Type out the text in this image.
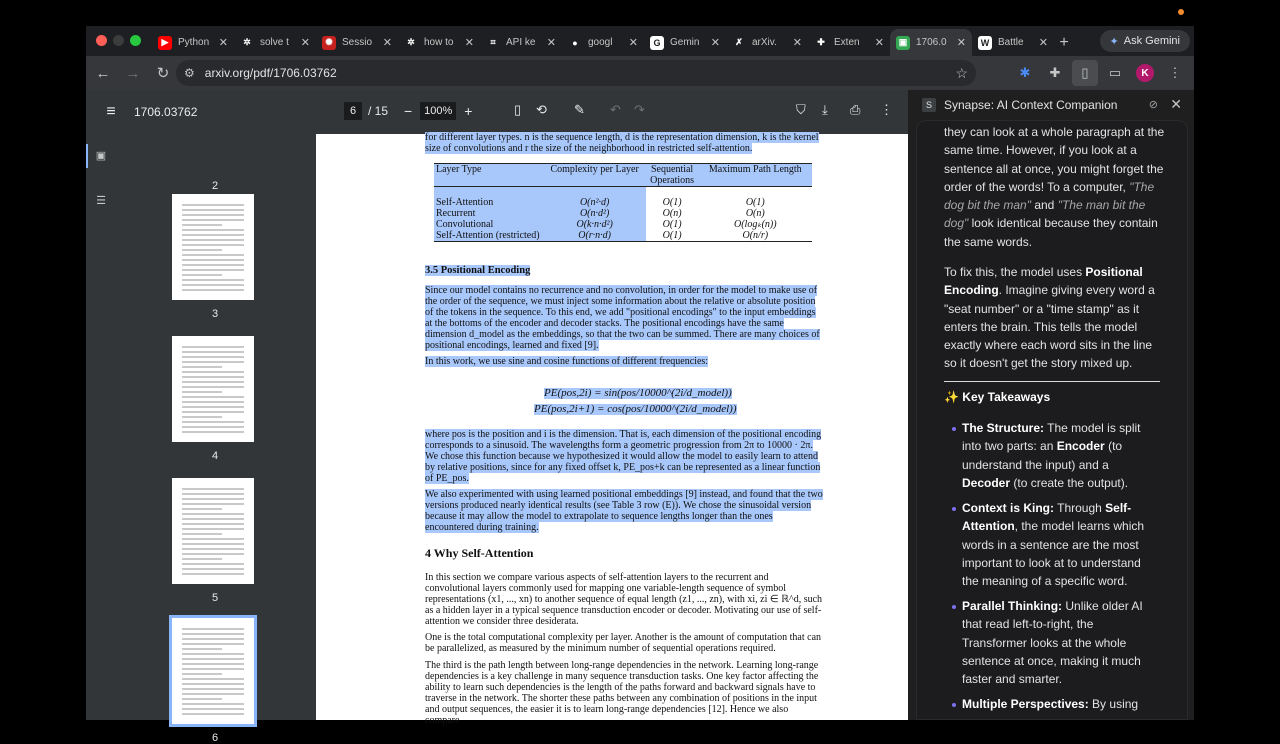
▶ Python ✕	✲ solve t	✕	✺ Sessio ✕	✲ how to	✕	⌗	API ke	✕	●	googl	✕	G Gemin	✕	✗ arXiv.	✕	✚ Exten	✕	▣ 1706.0 ✕	W Battle	✕ +	✦ Ask Gemini
←	→	↻	⚙ arxiv.org/pdf/1706.03762	☆	✱	✚	▯	▭	K	⋮
≡	1706.03762	6 / 15 −	100% +	▯ ⟲ ✎ ↶ ↷	⛉ ⤓ ⎙ ⋮
▣
☰
2
3
4
5
6

for different layer types. n is the sequence length, d is the representation dimension, k is the kernel size of convolutions and r the size of the neighborhood in restricted self-attention.

Layer Type	Complexity per Layer	Sequential Operations	Maximum Path Length
Self-Attention	O(n²·d)	O(1)	O(1)
Recurrent	O(n·d²)	O(n)	O(n)
Convolutional	O(k·n·d²)	O(1)	O(logₖ(n))
Self-Attention (restricted)	O(r·n·d)	O(1)	O(n/r)
3.5 Positional Encoding

Since our model contains no recurrence and no convolution, in order for the model to make use of the order of the sequence, we must inject some information about the relative or absolute position of the tokens in the sequence. To this end, we add "positional encodings" to the input embeddings at the bottoms of the encoder and decoder stacks. The positional encodings have the same dimension d_model as the embeddings, so that the two can be summed. There are many choices of positional encodings, learned and fixed [9].

In this work, we use sine and cosine functions of different frequencies:

PE(pos,2i) = sin(pos/10000^(2i/d_model))
PE(pos,2i+1) = cos(pos/10000^(2i/d_model))

where pos is the position and i is the dimension. That is, each dimension of the positional encoding corresponds to a sinusoid. The wavelengths form a geometric progression from 2π to 10000 · 2π. We chose this function because we hypothesized it would allow the model to easily learn to attend by relative positions, since for any fixed offset k, PE_pos+k can be represented as a linear function of PE_pos.

We also experimented with using learned positional embeddings [9] instead, and found that the two versions produced nearly identical results (see Table 3 row (E)). We chose the sinusoidal version because it may allow the model to extrapolate to sequence lengths longer than the ones encountered during training.

4 Why Self-Attention

In this section we compare various aspects of self-attention layers to the recurrent and convolutional layers commonly used for mapping one variable-length sequence of symbol representations (x1, ..., xn) to another sequence of equal length (z1, ..., zn), with xi, zi ∈ ℝ^d, such as a hidden layer in a typical sequence transduction encoder or decoder. Motivating our use of self-attention we consider three desiderata.

One is the total computational complexity per layer. Another is the amount of computation that can be parallelized, as measured by the minimum number of sequential operations required.

The third is the path length between long-range dependencies in the network. Learning long-range dependencies is a key challenge in many sequence transduction tasks. One key factor affecting the ability to learn such dependencies is the length of the paths forward and backward signals have to traverse in the network. The shorter these paths between any combination of positions in the input and output sequences, the easier it is to learn long-range dependencies [12]. Hence we also compare

S	Synapse: AI Context Companion	⊘ ✕
they can look at a whole paragraph at the same time. However, if you look at a sentence all at once, you might forget the order of the words! To a computer, "The dog bit the man" and "The man bit the dog" look identical because they contain the same words.
To fix this, the model uses Positional Encoding. Imagine giving every word a "seat number" or a "time stamp" as it enters the brain. This tells the model exactly where each word sits in the line so it doesn't get the story mixed up.
✨ Key Takeaways
The Structure: The model is split into two parts: an Encoder (to understand the input) and a Decoder (to create the output).
Context is King: Through Self-Attention, the model learns which words in a sentence are the most important to look at to understand the meaning of a specific word.
Parallel Thinking: Unlike older AI that read left-to-right, the Transformer looks at the whole sentence at once, making it much faster and smarter.
Multiple Perspectives: By using
